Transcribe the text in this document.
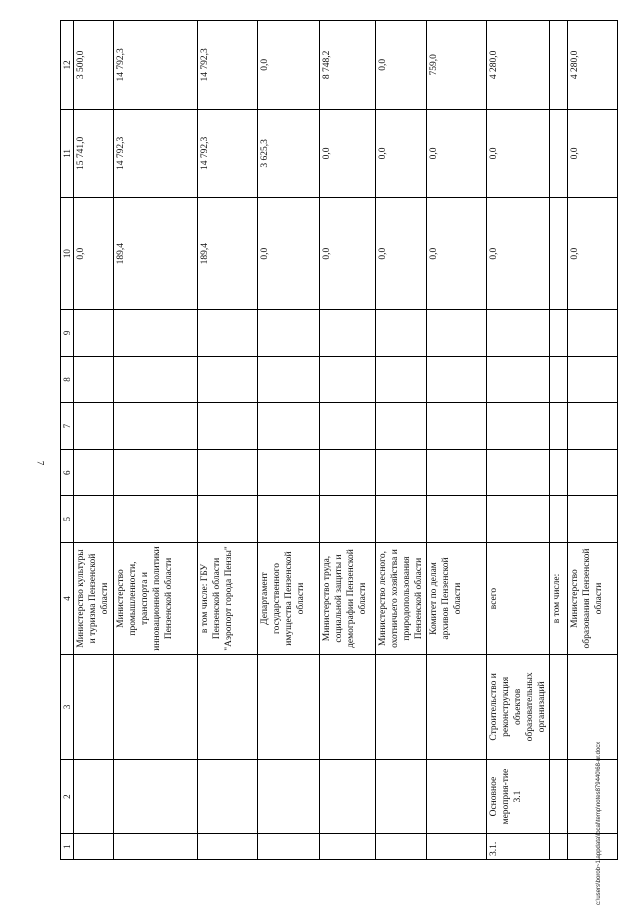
7
1	2	3	4	5	6	7	8	9	10	11	12
			Министерство культуры и туризма Пензенской области						0,0	15 741,0	3 500,0
			Министерство промышленности, транспорта и инновационной политики Пензенской области						189,4	14 792,3	14 792,3
			в том числе: ГБУ Пензенской области "Аэропорт города Пензы"						189,4	14 792,3	14 792,3
			Департамент государственного имущества Пензенской области						0,0	3 625,3	0,0
			Министерство труда, социальной защиты и демографии Пензенской области						0,0	0,0	8 748,2
			Министерство лесного, охотничьего хозяйства и природопользования Пензенской области						0,0	0,0	0,0
			Комитет по делам архивов Пензенской области						0,0	0,0	759,0
3.1.	Основное мероприя-тие 3.1	Строительство и реконструкция объектов образовательных организаций	всего						0,0	0,0	4 280,0
			в том числе:								
			Министерство образования Пензенской области						0,0	0,0	4 280,0
c:\users\borob~1\appdata\local\temp\notes879440\68-ur.docx
